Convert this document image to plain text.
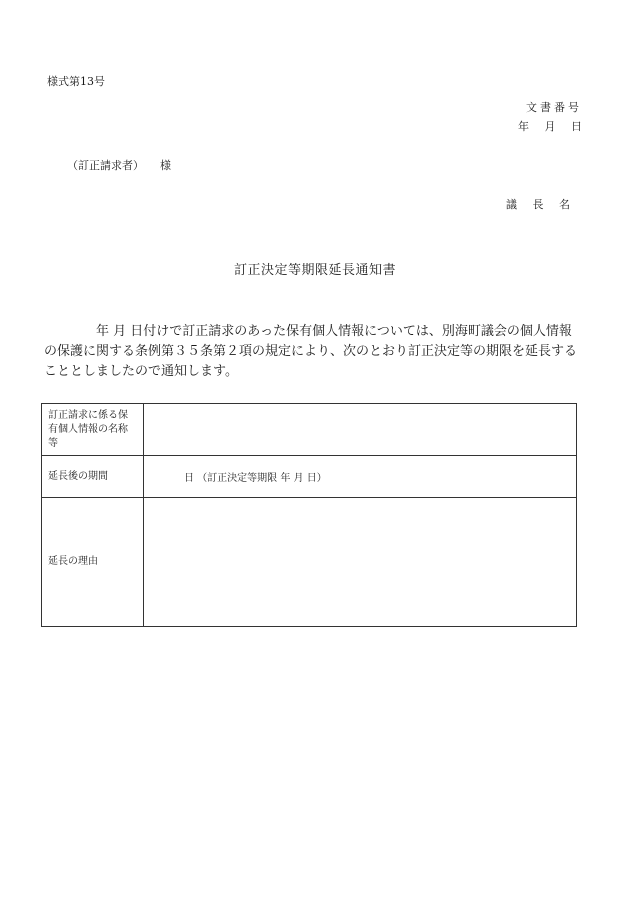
様式第13号
文書番号
年 月 日
（訂正請求者） 様
議 長 名
訂正決定等期限延長通知書
年 月 日付けで訂正請求のあった保有個人情報については、別海町議会の個人情報の保護に関する条例第３５条第２項の規定により、次のとおり訂正決定等の期限を延長することとしましたので通知します。
訂正請求に係る保有個人情報の名称等	
延長後の期間	日 （訂正決定等期限 年 月 日）
延長の理由	
